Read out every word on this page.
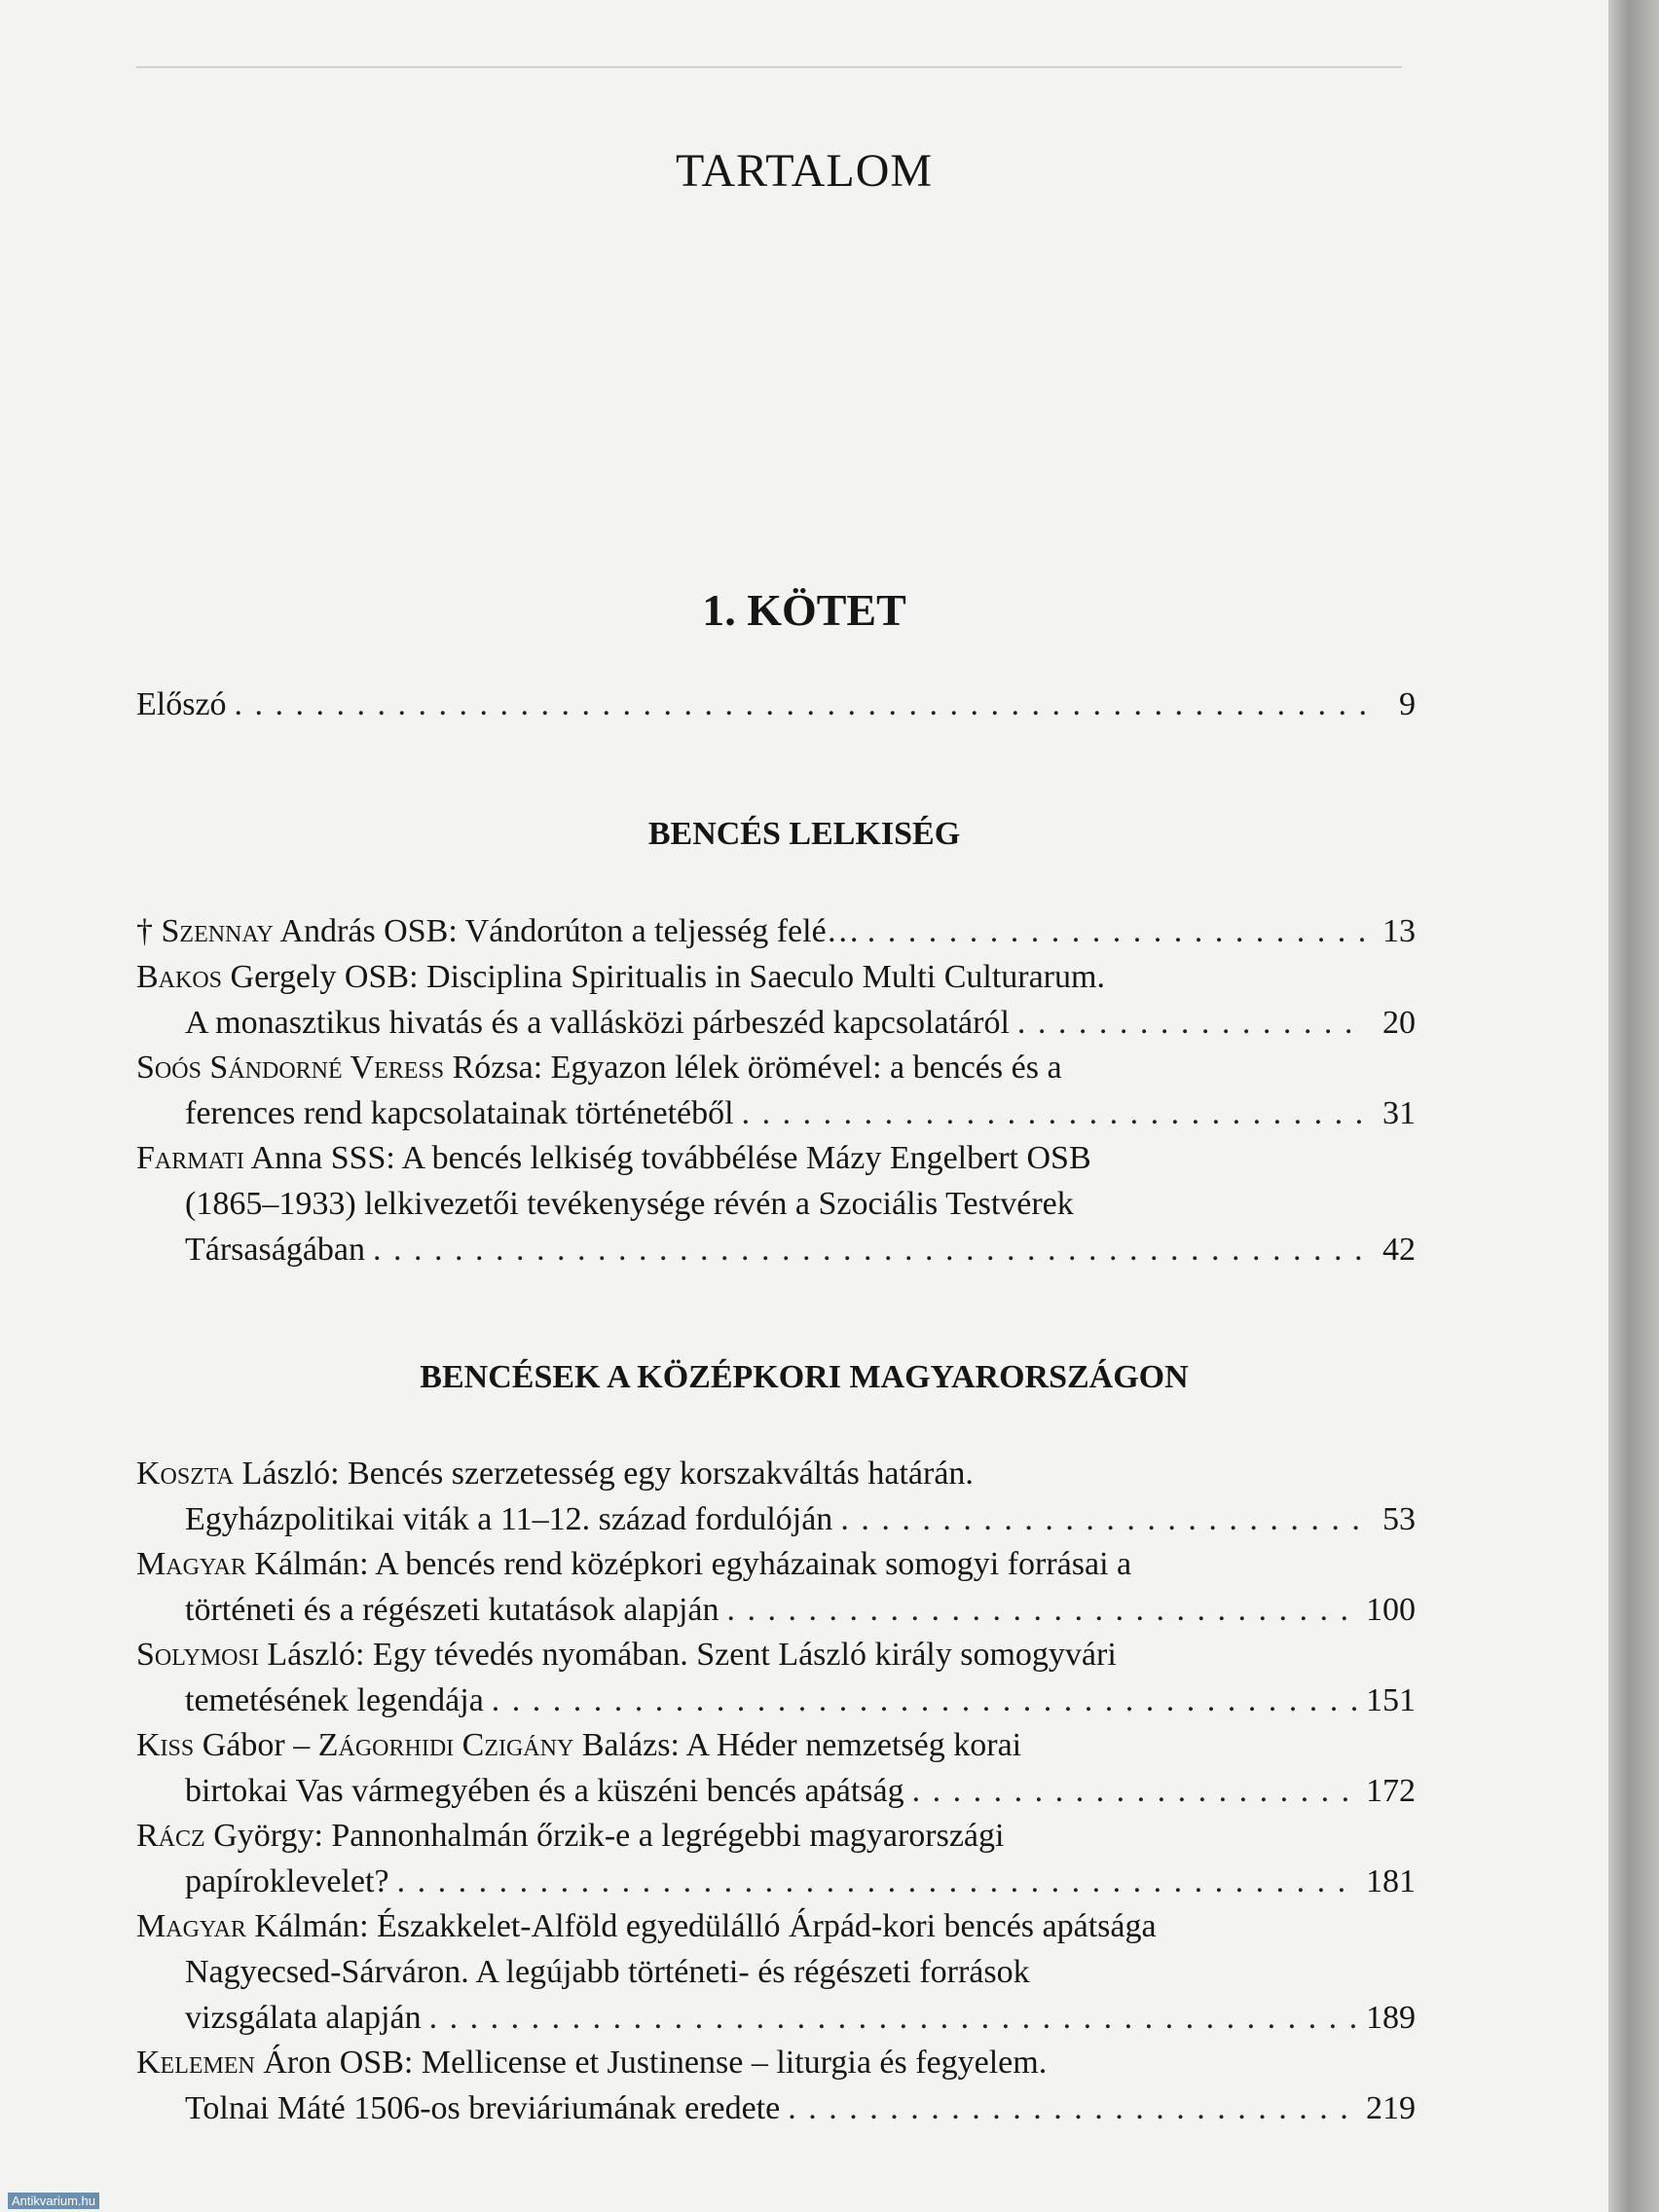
TARTALOM
1. KÖTET
Előszó . . .	9
BENCÉS LELKISÉG
† Szennay András OSB : Vándorúton a teljesség felé… . . .	13
Bakos Gergely OSB : Disciplina Spiritualis in Saeculo Multi Culturarum.
A monasztikus hivatás és a vallásközi párbeszéd kapcsolatáról . . .	20
Soós Sándorné Veress Rózsa : Egyazon lélek örömével: a bencés és a
ferences rend kapcsolatainak történetéből . . .	31
Farmati Anna SSS : A bencés lelkiség továbbélése Mázy Engelbert OSB
(1865–1933) lelkivezetői tevékenysége révén a Szociális Testvérek
Társaságában . . .	42
BENCÉSEK A KÖZÉPKORI MAGYARORSZÁGON
Koszta László : Bencés szerzetesség egy korszakváltás határán.
Egyházpolitikai viták a 11–12. század fordulóján . . .	53
Magyar Kálmán : A bencés rend középkori egyházainak somogyi forrásai a
történeti és a régészeti kutatások alapján . . .	100
Solymosi László : Egy tévedés nyomában. Szent László király somogyvári
temetésének legendája . . .	151
Kiss Gábor – Zágorhidi Czigány Balázs : A Héder nemzetség korai
birtokai Vas vármegyében és a küszéni bencés apátság . . .	172
Rácz György : Pannonhalmán őrzik-e a legrégebbi magyarországi
papíroklevelet? . . .	181
Magyar Kálmán : Északkelet-Alföld egyedülálló Árpád-kori bencés apátsága
Nagyecsed-Sárváron. A legújabb történeti- és régészeti források
vizsgálata alapján . . .	189
Kelemen Áron OSB : Mellicense et Justinense – liturgia és fegyelem.
Tolnai Máté 1506-os breviáriumának eredete . . .	219
Antikvarium.hu
